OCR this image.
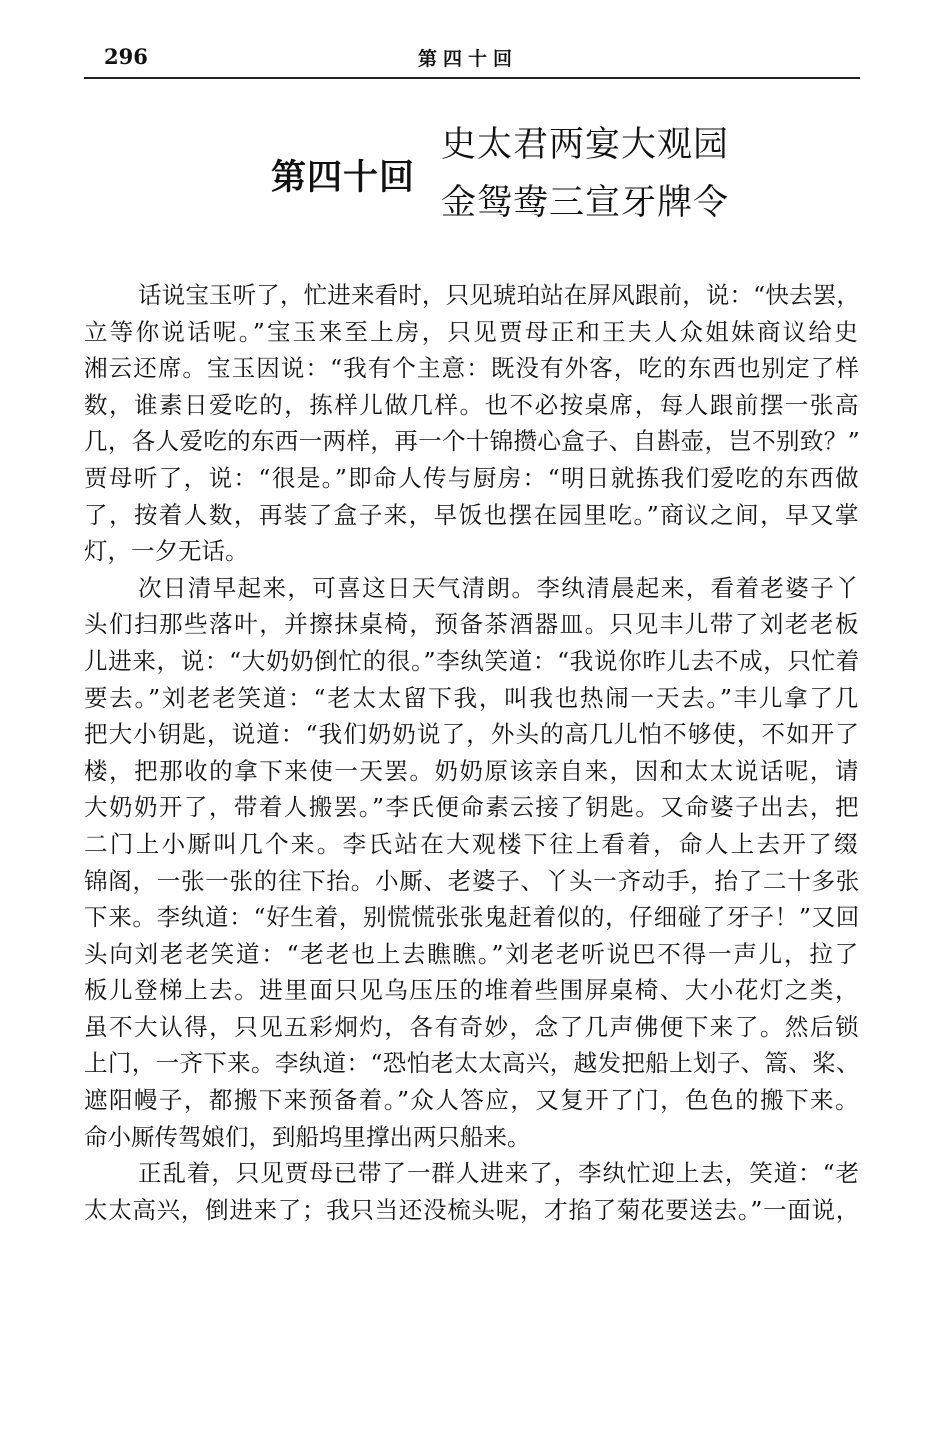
296	第四十回
第四十回
史太君两宴大观园
金鸳鸯三宣牙牌令
话说宝玉听了，忙进来看时，只见琥珀站在屏风跟前，说：“快去罢，
立等你说话呢。”宝玉来至上房，只见贾母正和王夫人众姐妹商议给史
湘云还席。宝玉因说：“我有个主意：既没有外客，吃的东西也别定了样
数，谁素日爱吃的，拣样儿做几样。也不必按桌席，每人跟前摆一张高
几，各人爱吃的东西一两样，再一个十锦攒心盒子、自斟壶，岂不别致？”
贾母听了，说：“很是。”即命人传与厨房：“明日就拣我们爱吃的东西做
了，按着人数，再装了盒子来，早饭也摆在园里吃。”商议之间，早又掌
灯，一夕无话。
次日清早起来，可喜这日天气清朗。李纨清晨起来，看着老婆子丫
头们扫那些落叶，并擦抹桌椅，预备茶酒器皿。只见丰儿带了刘老老板
儿进来，说：“大奶奶倒忙的很。”李纨笑道：“我说你昨儿去不成，只忙着
要去。”刘老老笑道：“老太太留下我，叫我也热闹一天去。”丰儿拿了几
把大小钥匙，说道：“我们奶奶说了，外头的高几儿怕不够使，不如开了
楼，把那收的拿下来使一天罢。奶奶原该亲自来，因和太太说话呢，请
大奶奶开了，带着人搬罢。”李氏便命素云接了钥匙。又命婆子出去，把
二门上小厮叫几个来。李氏站在大观楼下往上看着，命人上去开了缀
锦阁，一张一张的往下抬。小厮、老婆子、丫头一齐动手，抬了二十多张
下来。李纨道：“好生着，别慌慌张张鬼赶着似的，仔细碰了牙子！”又回
头向刘老老笑道：“老老也上去瞧瞧。”刘老老听说巴不得一声儿，拉了
板儿登梯上去。进里面只见乌压压的堆着些围屏桌椅、大小花灯之类，
虽不大认得，只见五彩炯灼，各有奇妙，念了几声佛便下来了。然后锁
上门，一齐下来。李纨道：“恐怕老太太高兴，越发把船上划子、篙、桨、
遮阳幔子，都搬下来预备着。”众人答应，又复开了门，色色的搬下来。
命小厮传驾娘们，到船坞里撑出两只船来。
正乱着，只见贾母已带了一群人进来了，李纨忙迎上去，笑道：“老
太太高兴，倒进来了；我只当还没梳头呢，才掐了菊花要送去。”一面说，
